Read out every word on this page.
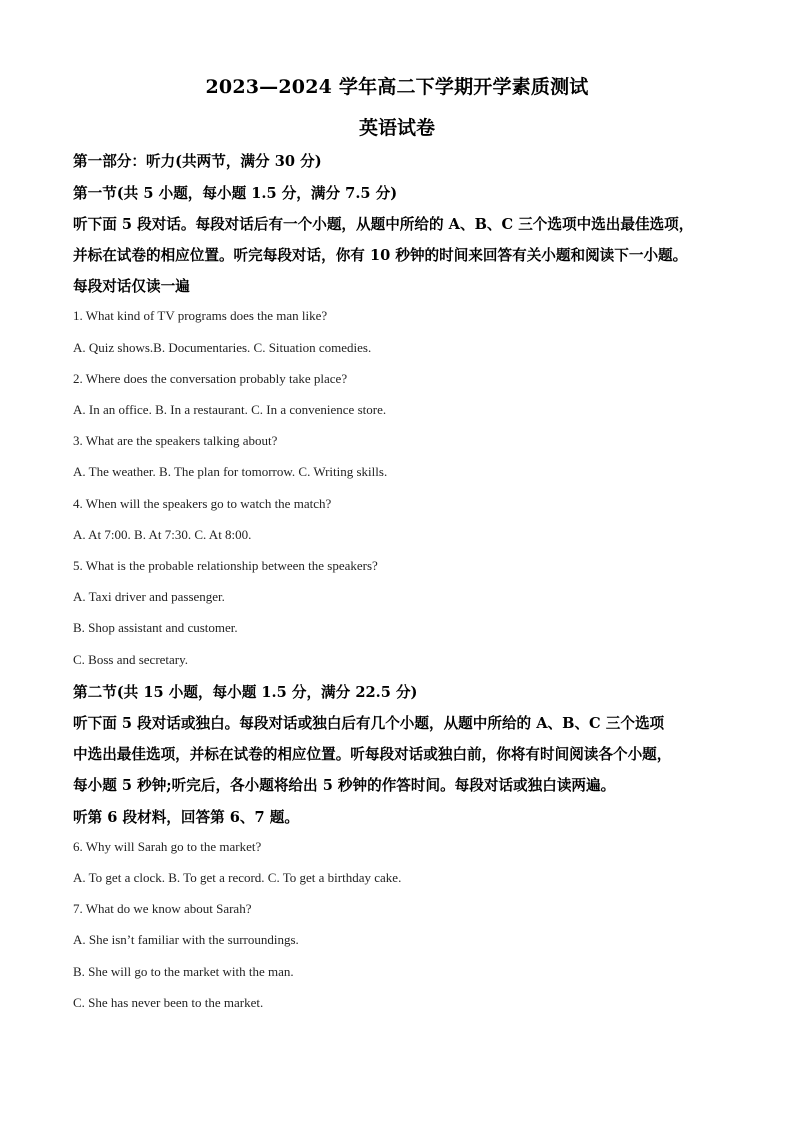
2023—2024 学年高二下学期开学素质测试
英语试卷
第一部分：听力(共两节，满分 30 分)
第一节(共 5 小题，每小题 1.5 分，满分 7.5 分)
听下面 5 段对话。每段对话后有一个小题，从题中所给的 A、B、C 三个选项中选出最佳选项，
并标在试卷的相应位置。听完每段对话，你有 10 秒钟的时间来回答有关小题和阅读下一小题。
每段对话仅读一遍
1. What kind of TV programs does the man like?
A. Quiz shows.B. Documentaries. C. Situation comedies.
2. Where does the conversation probably take place?
A. In an office. B. In a restaurant. C. In a convenience store.
3. What are the speakers talking about?
A. The weather. B. The plan for tomorrow. C. Writing skills.
4. When will the speakers go to watch the match?
A. At 7:00. B. At 7:30. C. At 8:00.
5. What is the probable relationship between the speakers?
A. Taxi driver and passenger.
B. Shop assistant and customer.
C. Boss and secretary.
第二节(共 15 小题，每小题 1.5 分，满分 22.5 分)
听下面 5 段对话或独白。每段对话或独白后有几个小题，从题中所给的 A、B、C 三个选项
中选出最佳选项，并标在试卷的相应位置。听每段对话或独白前，你将有时间阅读各个小题，
每小题 5 秒钟;听完后，各小题将给出 5 秒钟的作答时间。每段对话或独白读两遍。
听第 6 段材料，回答第 6、7 题。
6. Why will Sarah go to the market?
A. To get a clock. B. To get a record. C. To get a birthday cake.
7. What do we know about Sarah?
A. She isn’t familiar with the surroundings.
B. She will go to the market with the man.
C. She has never been to the market.
